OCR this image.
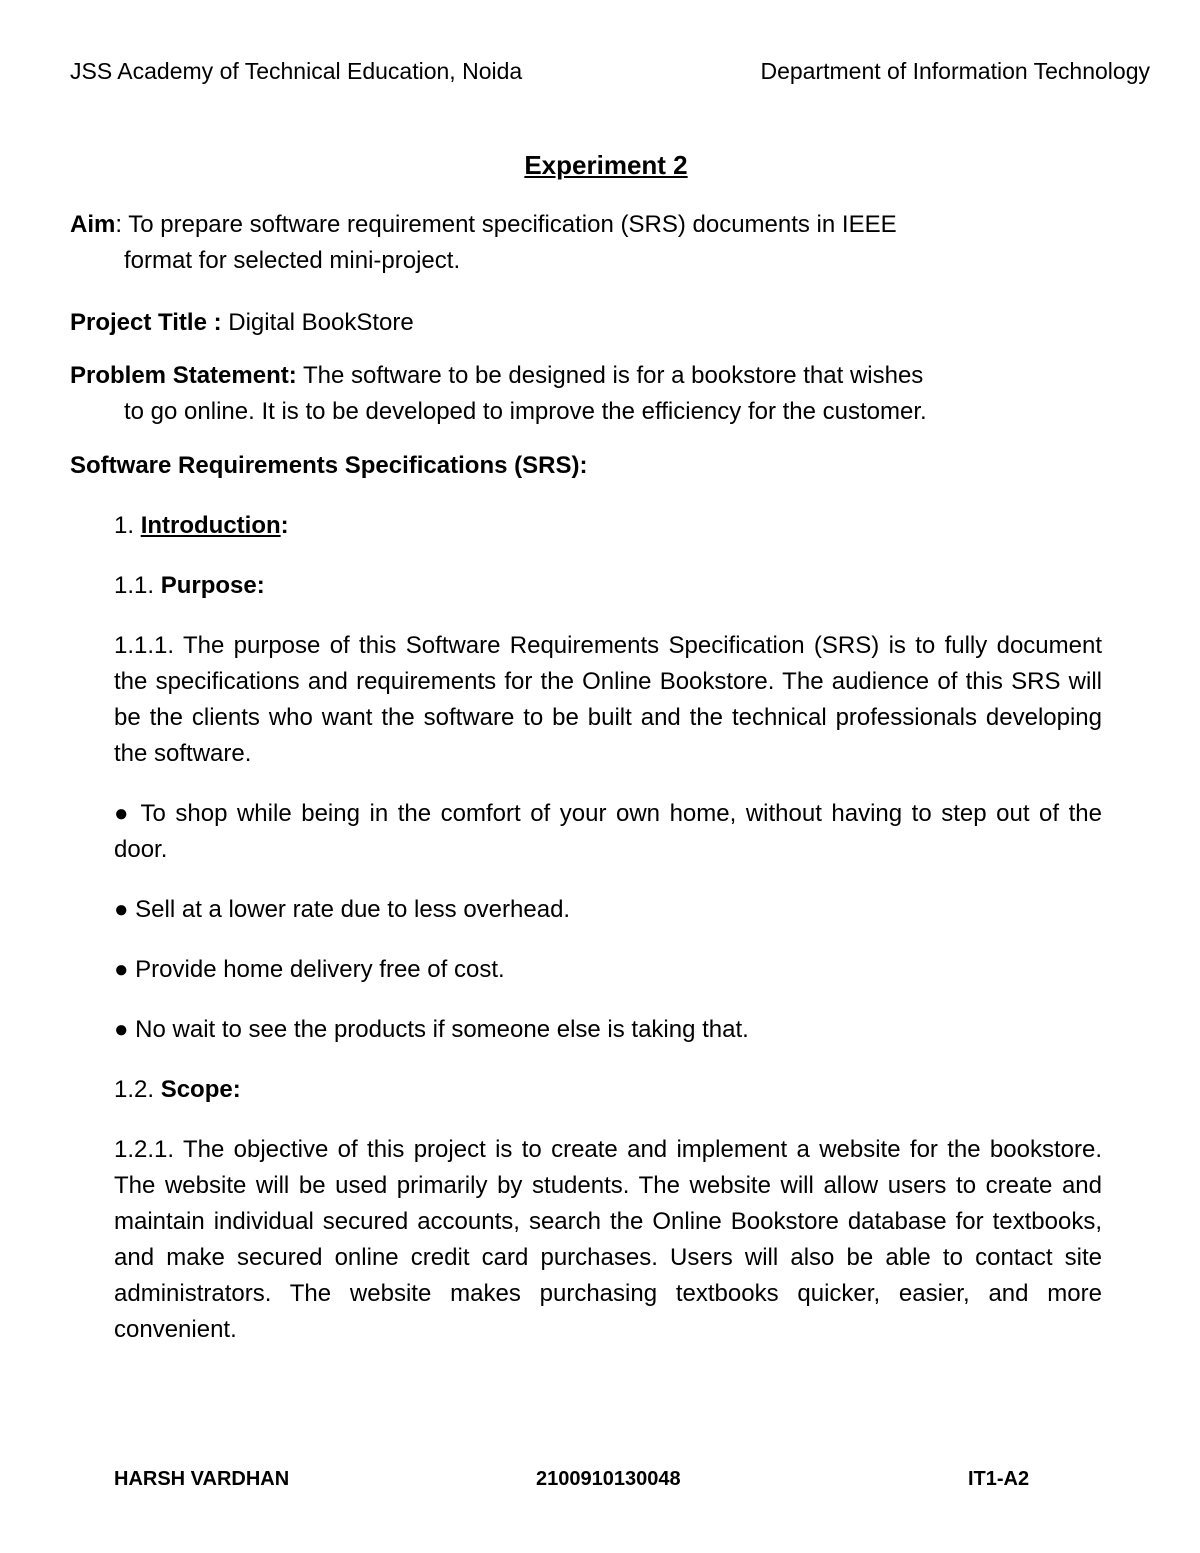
JSS Academy of Technical Education, Noida	Department of Information Technology
Experiment 2
Aim: To prepare software requirement specification (SRS) documents in IEEE
format for selected mini-project.
Project Title : Digital BookStore
Problem Statement: The software to be designed is for a bookstore that wishes
to go online. It is to be developed to improve the efficiency for the customer.
Software Requirements Specifications (SRS):
1. Introduction:
1.1. Purpose:
1.1.1. The purpose of this Software Requirements Specification (SRS) is to fully document the specifications and requirements for the Online Bookstore. The audience of this SRS will be the clients who want the software to be built and the technical professionals developing the software.
● To shop while being in the comfort of your own home, without having to step out of the door.
● Sell at a lower rate due to less overhead.
● Provide home delivery free of cost.
● No wait to see the products if someone else is taking that.
1.2. Scope:
1.2.1. The objective of this project is to create and implement a website for the bookstore. The website will be used primarily by students. The website will allow users to create and maintain individual secured accounts, search the Online Bookstore database for textbooks, and make secured online credit card purchases. Users will also be able to contact site administrators. The website makes purchasing textbooks quicker, easier, and more convenient.
HARSH VARDHAN	2100910130048	IT1-A2
